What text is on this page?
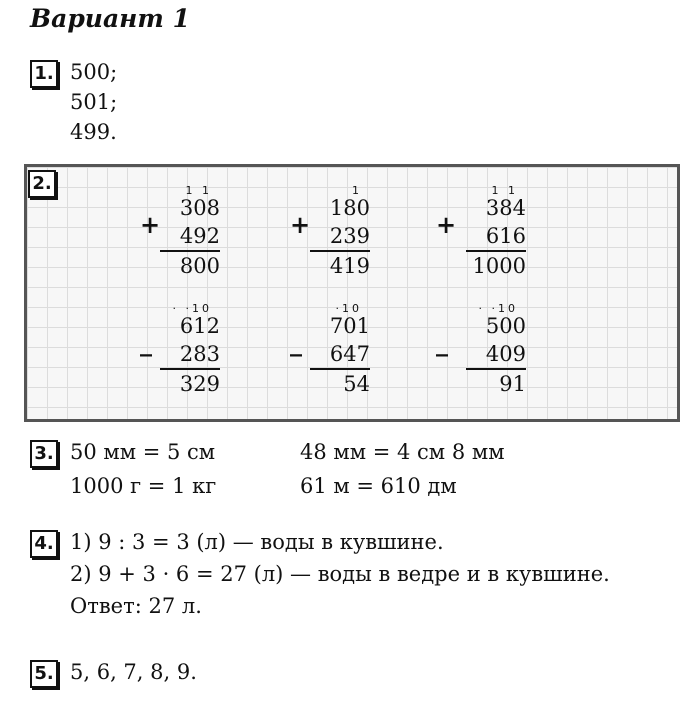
Вариант 1
1. 500;
501;
499.
2.	1 1
+
308
492
800
1
+
180
239
419
1 1
+
384
616
1000
· ·10
_
612
283
329
·10
_
701
647
54
· ·10
_
500
409
91
3. 50 мм = 5 см
1000 г = 1 кг
48 мм = 4 см 8 мм
61 м = 610 дм
4. 1) 9 : 3 = 3 (л) — воды в кувшине.
2) 9 + 3 · 6 = 27 (л) — воды в ведре и в кувшине.
Ответ: 27 л.
5. 5, 6, 7, 8, 9.
